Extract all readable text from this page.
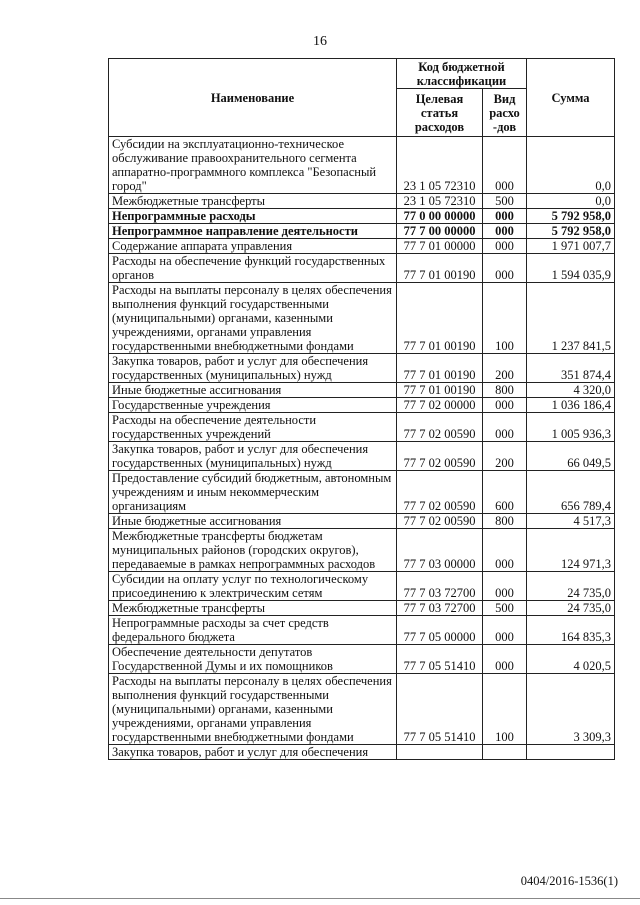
16
Наименование	Код бюджетной классификации		Сумма
	Целевая статья расходов	Вид расхо -дов	
Субсидии на эксплуатационно-техническое обслуживание правоохранительного сегмента аппаратно-программного комплекса "Безопасный город"	23 1 05 72310	000	0,0
Межбюджетные трансферты	23 1 05 72310	500	0,0
Непрограммные расходы	77 0 00 00000	000	5 792 958,0
Непрограммное направление деятельности	77 7 00 00000	000	5 792 958,0
Содержание аппарата управления	77 7 01 00000	000	1 971 007,7
Расходы на обеспечение функций государственных органов	77 7 01 00190	000	1 594 035,9
Расходы на выплаты персоналу в целях обеспечения выполнения функций государственными (муниципальными) органами, казенными учреждениями, органами управления государственными внебюджетными фондами	77 7 01 00190	100	1 237 841,5
Закупка товаров, работ и услуг для обеспечения государственных (муниципальных) нужд	77 7 01 00190	200	351 874,4
Иные бюджетные ассигнования	77 7 01 00190	800	4 320,0
Государственные учреждения	77 7 02 00000	000	1 036 186,4
Расходы на обеспечение деятельности государственных учреждений	77 7 02 00590	000	1 005 936,3
Закупка товаров, работ и услуг для обеспечения государственных (муниципальных) нужд	77 7 02 00590	200	66 049,5
Предоставление субсидий бюджетным, автономным учреждениям и иным некоммерческим организациям	77 7 02 00590	600	656 789,4
Иные бюджетные ассигнования	77 7 02 00590	800	4 517,3
Межбюджетные трансферты бюджетам муниципальных районов (городских округов), передаваемые в рамках непрограммных расходов	77 7 03 00000	000	124 971,3
Субсидии на оплату услуг по технологическому присоединению к электрическим сетям	77 7 03 72700	000	24 735,0
Межбюджетные трансферты	77 7 03 72700	500	24 735,0
Непрограммные расходы за счет средств федерального бюджета	77 7 05 00000	000	164 835,3
Обеспечение деятельности депутатов Государственной Думы и их помощников	77 7 05 51410	000	4 020,5
Расходы на выплаты персоналу в целях обеспечения выполнения функций государственными (муниципальными) органами, казенными учреждениями, органами управления государственными внебюджетными фондами	77 7 05 51410	100	3 309,3
Закупка товаров, работ и услуг для обеспечения			
0404/2016-1536(1)
